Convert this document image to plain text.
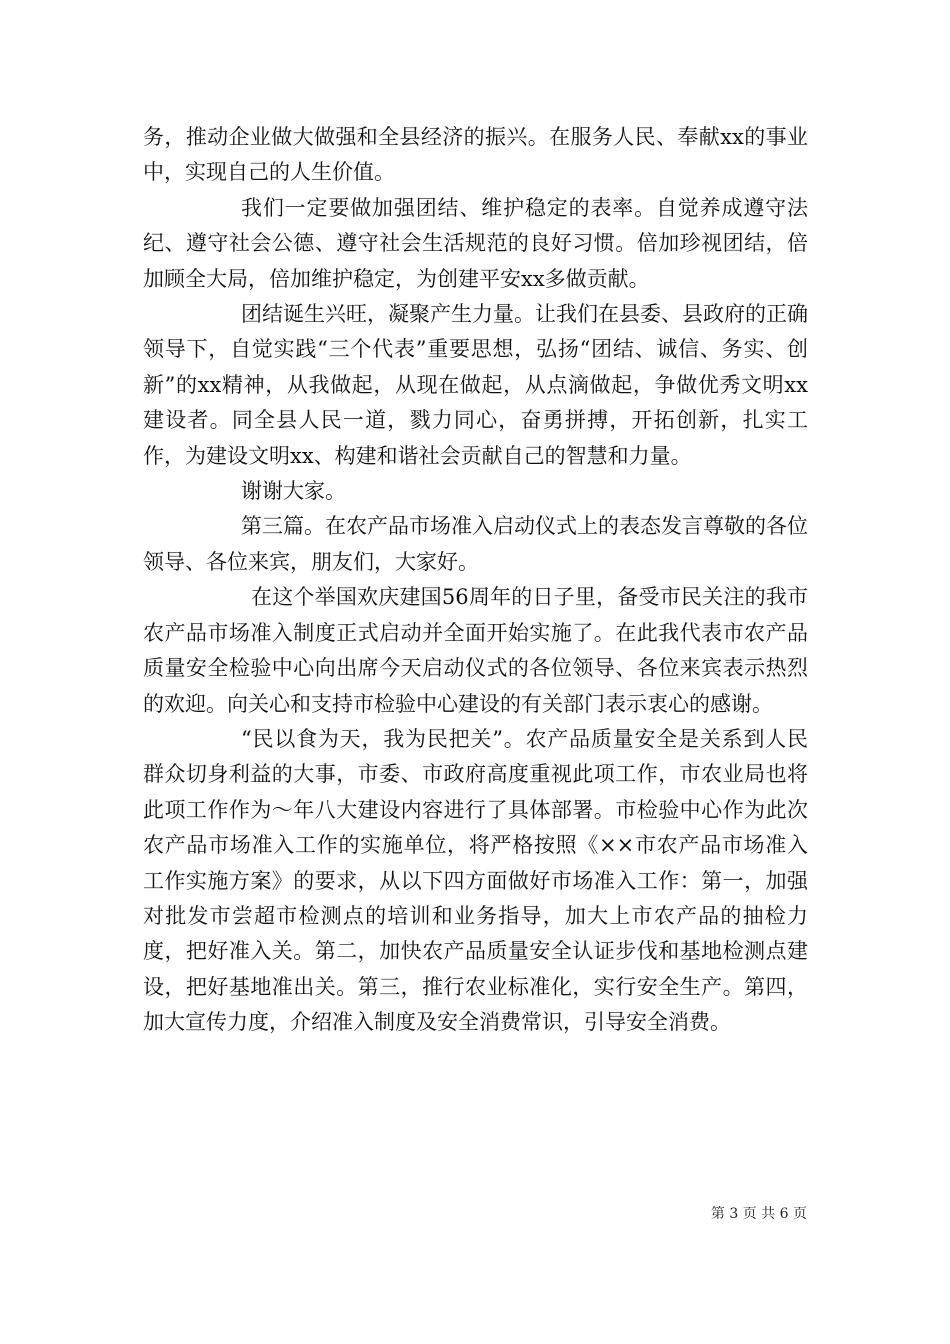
务，推动企业做大做强和全县经济的振兴。在服务人民、奉献xx的事业中，实现自己的人生价值。

我们一定要做加强团结、维护稳定的表率。自觉养成遵守法纪、遵守社会公德、遵守社会生活规范的良好习惯。倍加珍视团结，倍加顾全大局，倍加维护稳定，为创建平安xx多做贡献。

团结诞生兴旺，凝聚产生力量。让我们在县委、县政府的正确领导下，自觉实践“三个代表”重要思想，弘扬“团结、诚信、务实、创新”的xx精神，从我做起，从现在做起，从点滴做起，争做优秀文明xx建设者。同全县人民一道，戮力同心，奋勇拼搏，开拓创新，扎实工作，为建设文明xx、构建和谐社会贡献自己的智慧和力量。

谢谢大家。

第三篇。在农产品市场准入启动仪式上的表态发言尊敬的各位领导、各位来宾，朋友们，大家好。

在这个举国欢庆建国56周年的日子里，备受市民关注的我市农产品市场准入制度正式启动并全面开始实施了。在此我代表市农产品质量安全检验中心向出席今天启动仪式的各位领导、各位来宾表示热烈的欢迎。向关心和支持市检验中心建设的有关部门表示衷心的感谢。

“民以食为天，我为民把关”。农产品质量安全是关系到人民群众切身利益的大事，市委、市政府高度重视此项工作，市农业局也将此项工作作为～年八大建设内容进行了具体部署。市检验中心作为此次农产品市场准入工作的实施单位，将严格按照《××市农产品市场准入工作实施方案》的要求，从以下四方面做好市场准入工作：第一，加强对批发市尝超市检测点的培训和业务指导，加大上市农产品的抽检力度，把好准入关。第二，加快农产品质量安全认证步伐和基地检测点建设，把好基地准出关。第三，推行农业标准化，实行安全生产。第四，加大宣传力度，介绍准入制度及安全消费常识，引导安全消费。

第 3 页 共 6 页
